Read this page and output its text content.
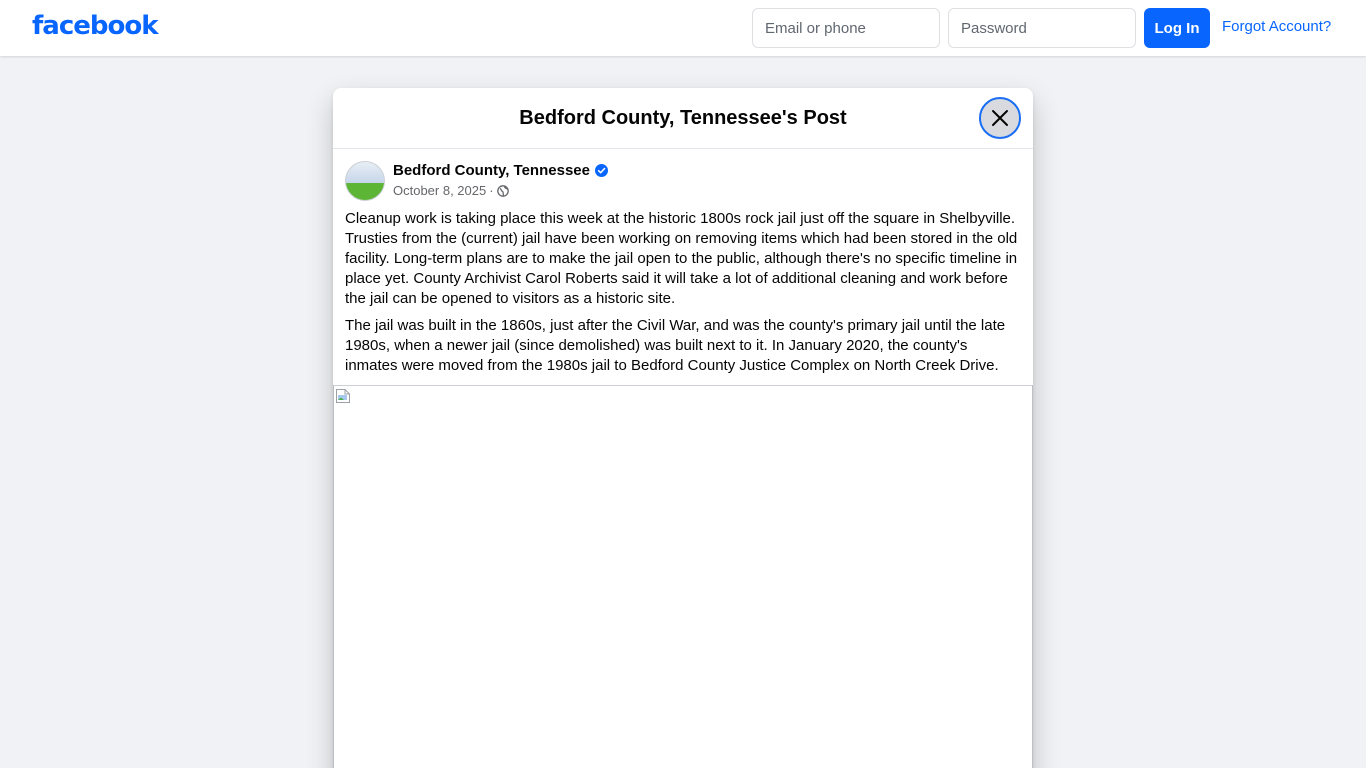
facebook
Email or phone	Log In	Forgot Account?
Bedford County, Tennessee's Post
Bedford County, Tennessee
October 8, 2025 ·

Cleanup work is taking place this week at the historic 1800s rock jail just off the square in Shelbyville. Trusties from the (current) jail have been working on removing items which had been stored in the old facility. Long-term plans are to make the jail open to the public, although there's no specific timeline in place yet. County Archivist Carol Roberts said it will take a lot of additional cleaning and work before the jail can be opened to visitors as a historic site.

The jail was built in the 1860s, just after the Civil War, and was the county's primary jail until the late 1980s, when a newer jail (since demolished) was built next to it. In January 2020, the county's inmates were moved from the 1980s jail to Bedford County Justice Complex on North Creek Drive.
